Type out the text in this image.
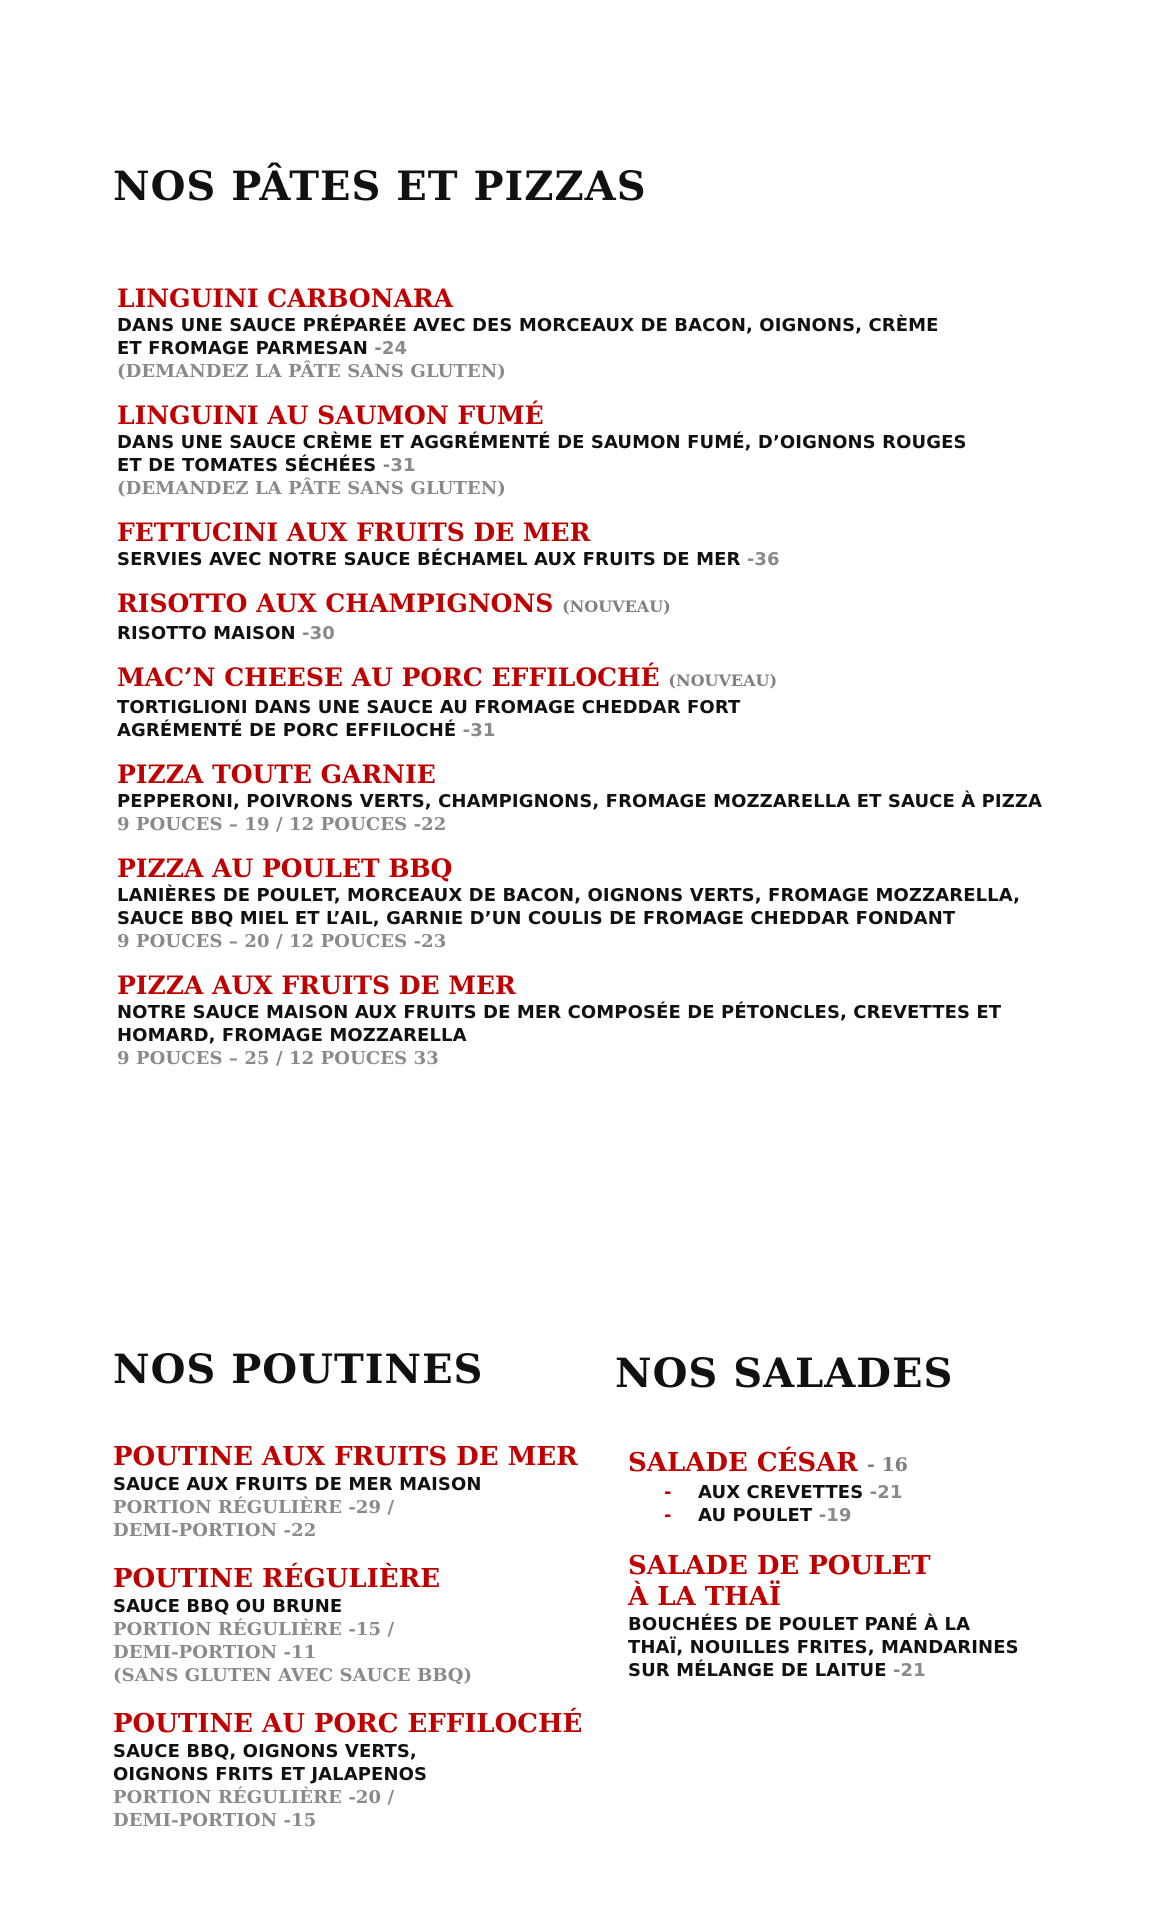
NOS PÂTES ET PIZZAS
LINGUINI CARBONARA
DANS UNE SAUCE PRÉPARÉE AVEC DES MORCEAUX DE BACON, OIGNONS, CRÈME
ET FROMAGE PARMESAN -24
(DEMANDEZ LA PÂTE SANS GLUTEN)
LINGUINI AU SAUMON FUMÉ
DANS UNE SAUCE CRÈME ET AGGRÉMENTÉ DE SAUMON FUMÉ, D’OIGNONS ROUGES
ET DE TOMATES SÉCHÉES -31
(DEMANDEZ LA PÂTE SANS GLUTEN)
FETTUCINI AUX FRUITS DE MER
SERVIES AVEC NOTRE SAUCE BÉCHAMEL AUX FRUITS DE MER -36
RISOTTO AUX CHAMPIGNONS (NOUVEAU)
RISOTTO MAISON -30
MAC’N CHEESE AU PORC EFFILOCHÉ (NOUVEAU)
TORTIGLIONI DANS UNE SAUCE AU FROMAGE CHEDDAR FORT
AGRÉMENTÉ DE PORC EFFILOCHÉ -31
PIZZA TOUTE GARNIE
PEPPERONI, POIVRONS VERTS, CHAMPIGNONS, FROMAGE MOZZARELLA ET SAUCE À PIZZA
9 POUCES – 19 / 12 POUCES -22
PIZZA AU POULET BBQ
LANIÈRES DE POULET, MORCEAUX DE BACON, OIGNONS VERTS, FROMAGE MOZZARELLA,
SAUCE BBQ MIEL ET L’AIL, GARNIE D’UN COULIS DE FROMAGE CHEDDAR FONDANT
9 POUCES – 20 / 12 POUCES -23
PIZZA AUX FRUITS DE MER
NOTRE SAUCE MAISON AUX FRUITS DE MER COMPOSÉE DE PÉTONCLES, CREVETTES ET
HOMARD, FROMAGE MOZZARELLA
9 POUCES – 25 / 12 POUCES 33
NOS POUTINES
POUTINE AUX FRUITS DE MER
SAUCE AUX FRUITS DE MER MAISON
PORTION RÉGULIÈRE -29 /
DEMI-PORTION -22
POUTINE RÉGULIÈRE
SAUCE BBQ OU BRUNE
PORTION RÉGULIÈRE -15 /
DEMI-PORTION -11
(SANS GLUTEN AVEC SAUCE BBQ)
POUTINE AU PORC EFFILOCHÉ
SAUCE BBQ, OIGNONS VERTS,
OIGNONS FRITS ET JALAPENOS
PORTION RÉGULIÈRE -20 /
DEMI-PORTION -15
NOS SALADES
SALADE CÉSAR - 16
- AUX CREVETTES -21
- AU POULET -19
SALADE DE POULET
À LA THAÏ
BOUCHÉES DE POULET PANÉ À LA
THAÏ, NOUILLES FRITES, MANDARINES
SUR MÉLANGE DE LAITUE -21
